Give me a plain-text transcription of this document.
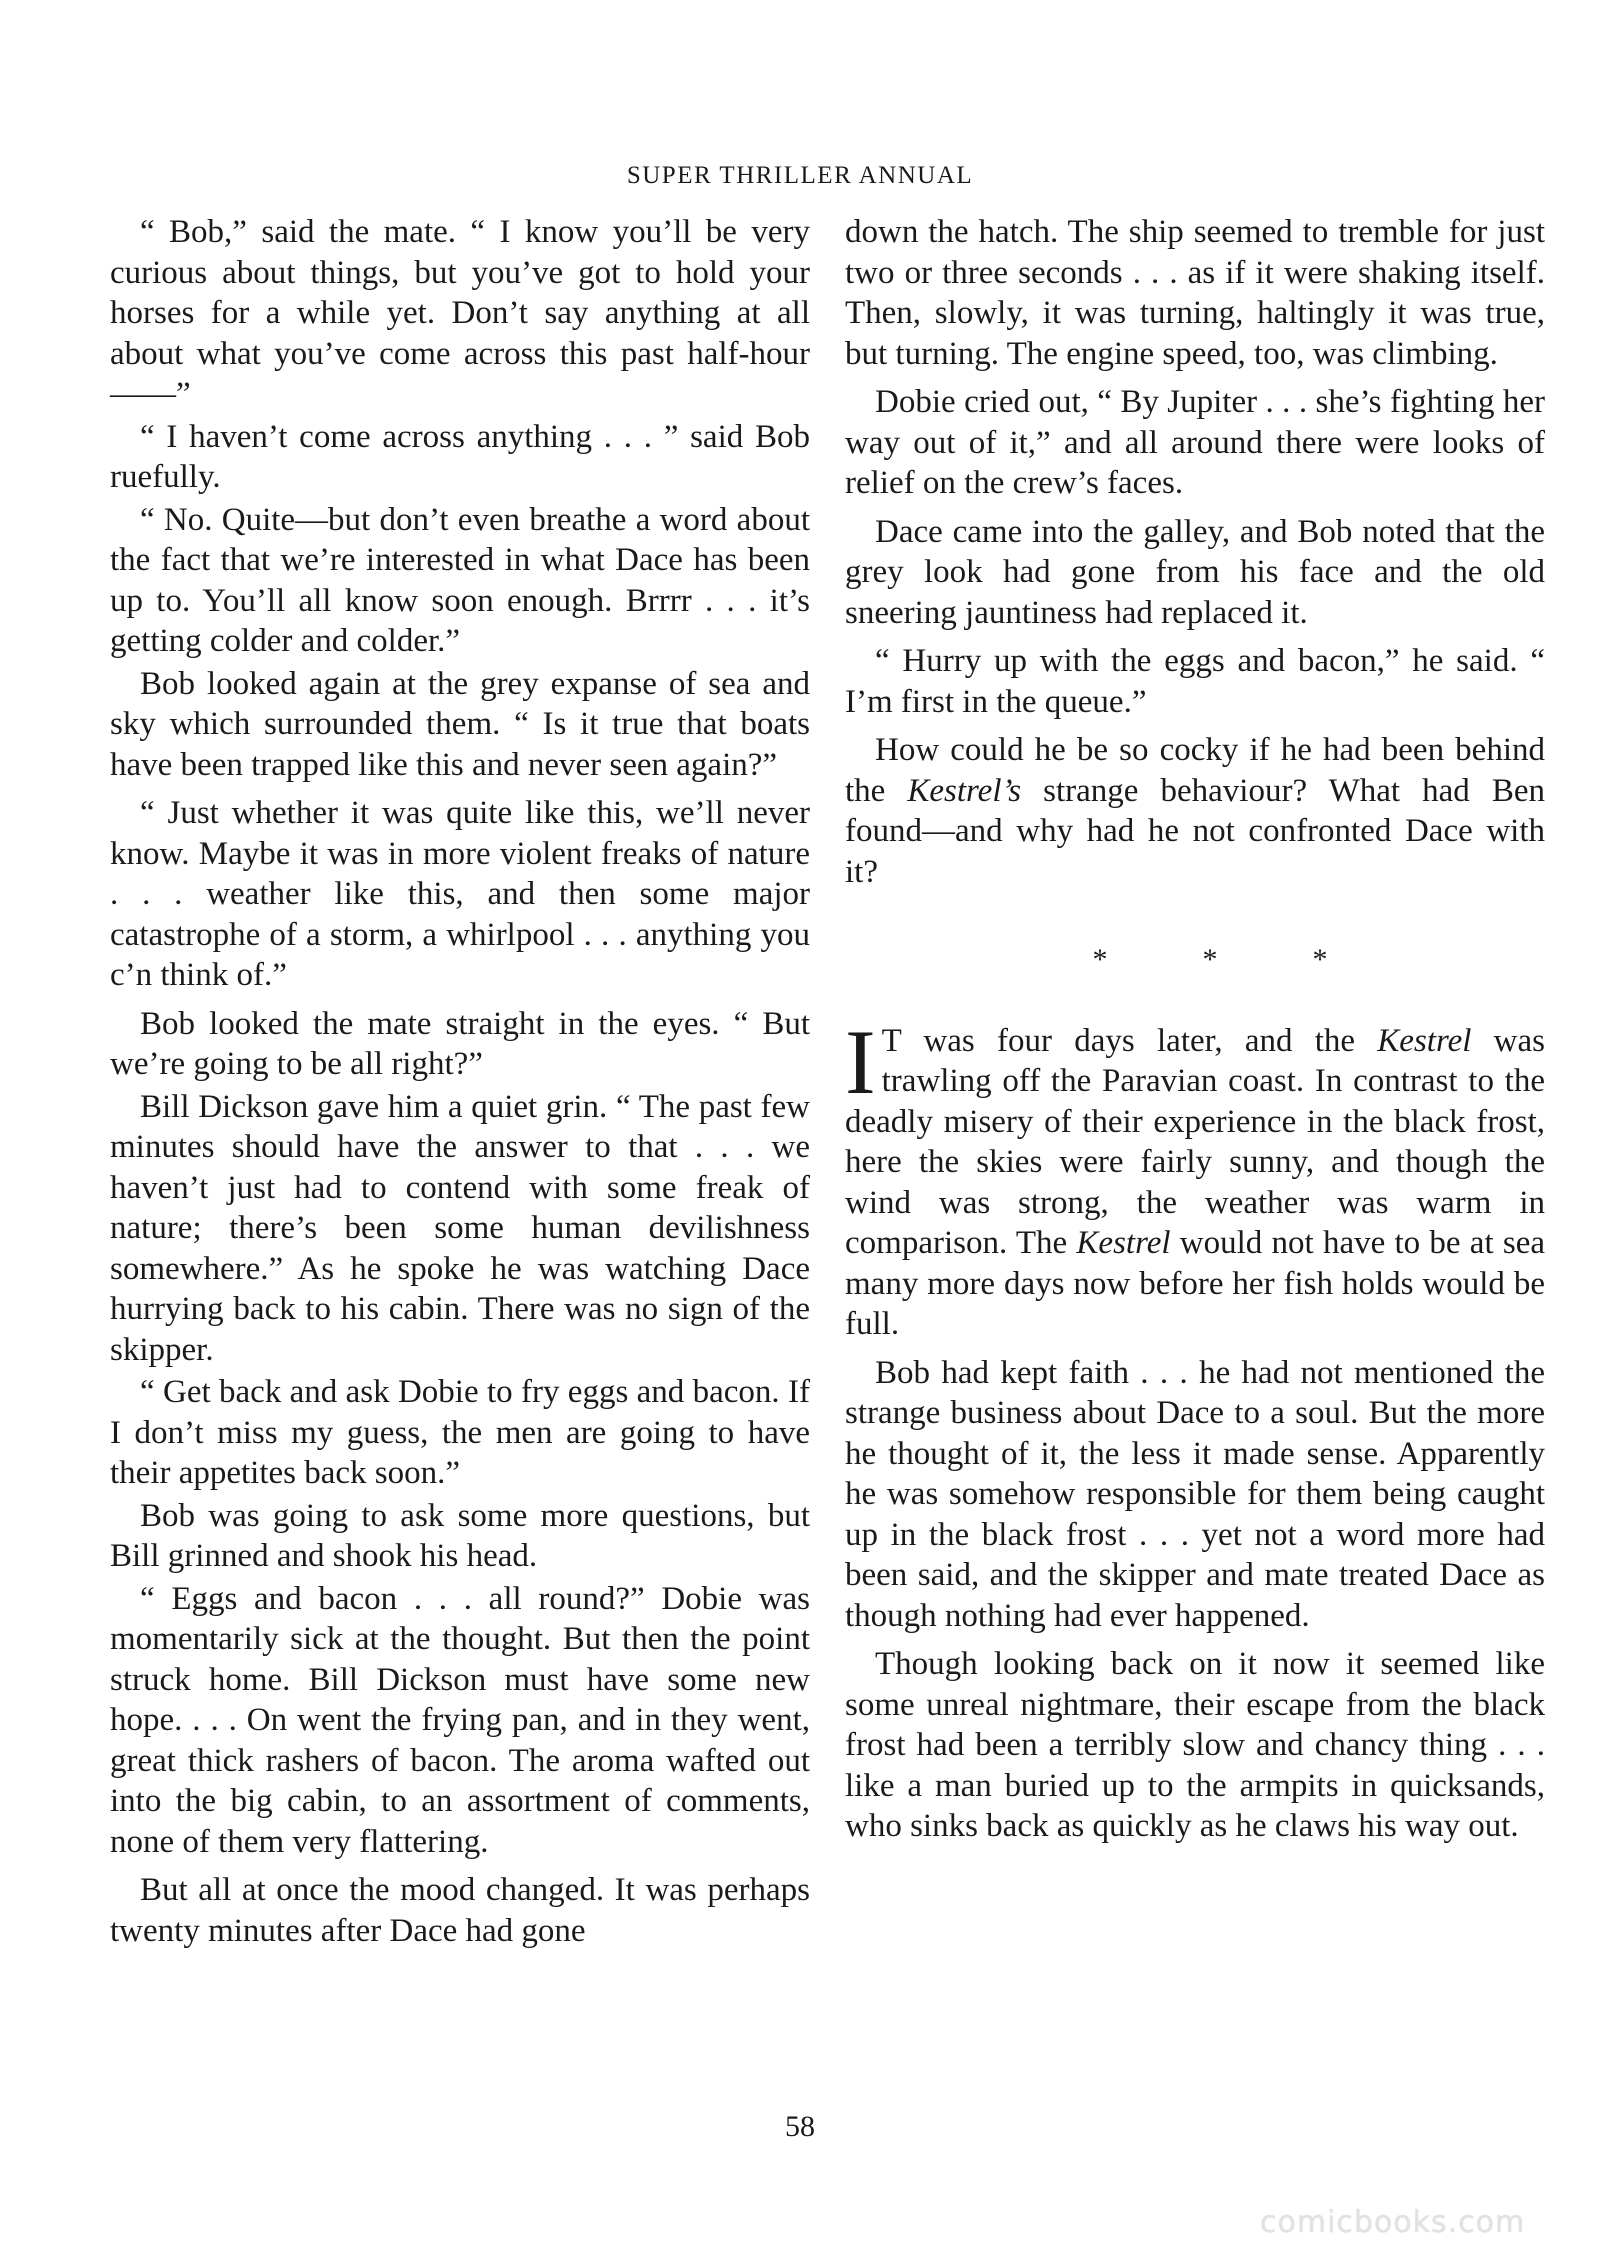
SUPER THRILLER ANNUAL

“ Bob,” said the mate. “ I know you’ll be very curious about things, but you’ve got to hold your horses for a while yet. Don’t say anything at all about what you’ve come across this past half-hour——”

“ I haven’t come across anything . . . ” said Bob ruefully.

“ No. Quite—but don’t even breathe a word about the fact that we’re interested in what Dace has been up to. You’ll all know soon enough. Brrrr . . . it’s getting colder and colder.”

Bob looked again at the grey expanse of sea and sky which surrounded them. “ Is it true that boats have been trapped like this and never seen again?”

“ Just whether it was quite like this, we’ll never know. Maybe it was in more violent freaks of nature . . . weather like this, and then some major catastrophe of a storm, a whirlpool . . . anything you c’n think of.”

Bob looked the mate straight in the eyes. “ But we’re going to be all right?”

Bill Dickson gave him a quiet grin. “ The past few minutes should have the answer to that . . . we haven’t just had to contend with some freak of nature; there’s been some human devilishness somewhere.” As he spoke he was watching Dace hurrying back to his cabin. There was no sign of the skipper.

“ Get back and ask Dobie to fry eggs and bacon. If I don’t miss my guess, the men are going to have their appetites back soon.”

Bob was going to ask some more questions, but Bill grinned and shook his head.

“ Eggs and bacon . . . all round?” Dobie was momentarily sick at the thought. But then the point struck home. Bill Dickson must have some new hope. . . . On went the frying pan, and in they went, great thick rashers of bacon. The aroma wafted out into the big cabin, to an assortment of comments, none of them very flattering.

But all at once the mood changed. It was perhaps twenty minutes after Dace had gone

down the hatch. The ship seemed to tremble for just two or three seconds . . . as if it were shaking itself. Then, slowly, it was turning, haltingly it was true, but turning. The engine speed, too, was climbing.

Dobie cried out, “ By Jupiter . . . she’s fighting her way out of it,” and all around there were looks of relief on the crew’s faces.

Dace came into the galley, and Bob noted that the grey look had gone from his face and the old sneering jauntiness had replaced it.

“ Hurry up with the eggs and bacon,” he said. “ I’m first in the queue.”

How could he be so cocky if he had been behind the Kestrel’s strange behaviour? What had Ben found—and why had he not confronted Dace with it?

*	*	*

IT was four days later, and the Kestrel was trawling off the Paravian coast. In contrast to the deadly misery of their experience in the black frost, here the skies were fairly sunny, and though the wind was strong, the weather was warm in comparison. The Kestrel would not have to be at sea many more days now before her fish holds would be full.

Bob had kept faith . . . he had not mentioned the strange business about Dace to a soul. But the more he thought of it, the less it made sense. Apparently he was somehow responsible for them being caught up in the black frost . . . yet not a word more had been said, and the skipper and mate treated Dace as though nothing had ever happened.

Though looking back on it now it seemed like some unreal nightmare, their escape from the black frost had been a terribly slow and chancy thing . . . like a man buried up to the armpits in quicksands, who sinks back as quickly as he claws his way out.

58
comicbooks.com
